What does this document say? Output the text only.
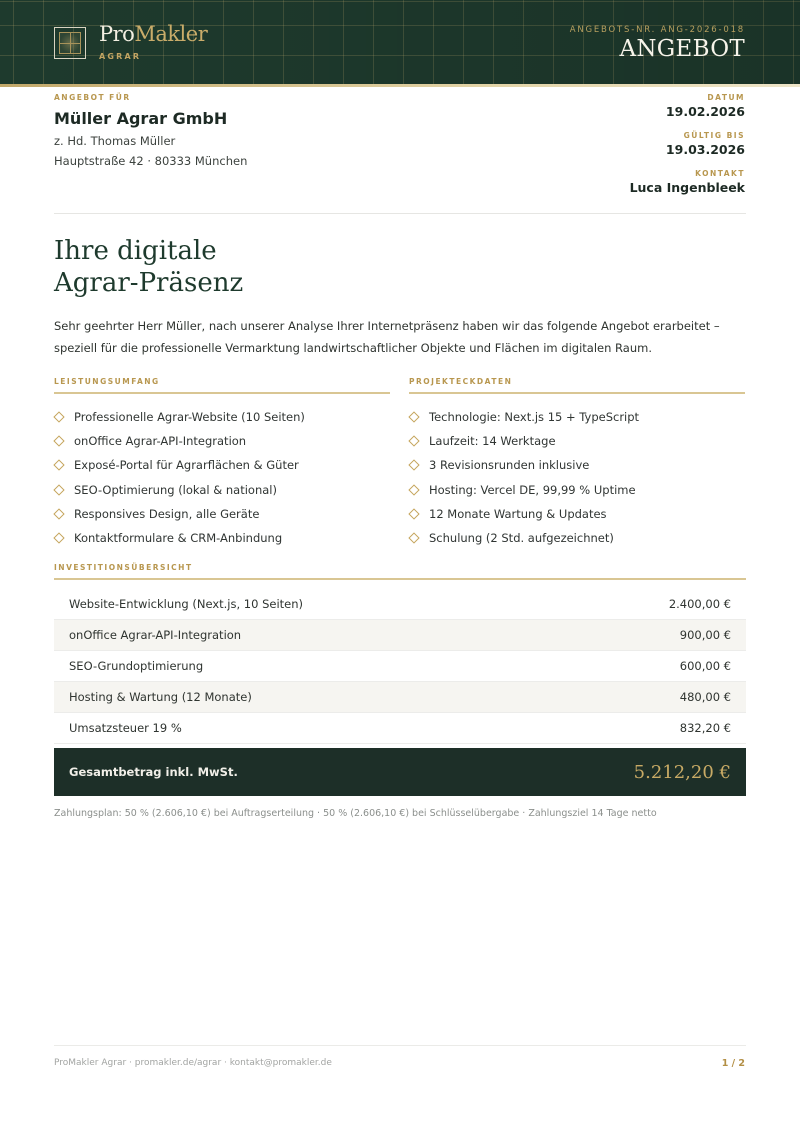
ProMakler
AGRAR
ANGEBOTS-NR. ANG-2026-018
ANGEBOT
ANGEBOT FÜR
Müller Agrar GmbH
z. Hd. Thomas Müller
Hauptstraße 42 · 80333 München
DATUM
19.02.2026
GÜLTIG BIS
19.03.2026
KONTAKT
Luca Ingenbleek
Ihre digitale
Agrar-Präsenz
Sehr geehrter Herr Müller, nach unserer Analyse Ihrer Internetpräsenz haben wir das folgende Angebot erarbeitet – speziell für die professionelle Vermarktung landwirtschaftlicher Objekte und Flächen im digitalen Raum.
LEISTUNGSUMFANG
Professionelle Agrar-Website (10 Seiten)
onOffice Agrar-API-Integration
Exposé-Portal für Agrarflächen & Güter
SEO-Optimierung (lokal & national)
Responsives Design, alle Geräte
Kontaktformulare & CRM-Anbindung
PROJEKTECKDATEN
Technologie: Next.js 15 + TypeScript
Laufzeit: 14 Werktage
3 Revisionsrunden inklusive
Hosting: Vercel DE, 99,99 % Uptime
12 Monate Wartung & Updates
Schulung (2 Std. aufgezeichnet)
INVESTITIONSÜBERSICHT
Website-Entwicklung (Next.js, 10 Seiten)	2.400,00 €
onOffice Agrar-API-Integration	900,00 €
SEO-Grundoptimierung	600,00 €
Hosting & Wartung (12 Monate)	480,00 €
Umsatzsteuer 19 %	832,20 €
Gesamtbetrag inkl. MwSt.	5.212,20 €
Zahlungsplan: 50 % (2.606,10 €) bei Auftragserteilung · 50 % (2.606,10 €) bei Schlüsselübergabe · Zahlungsziel 14 Tage netto
ProMakler Agrar · promakler.de/agrar · kontakt@promakler.de	1 / 2
